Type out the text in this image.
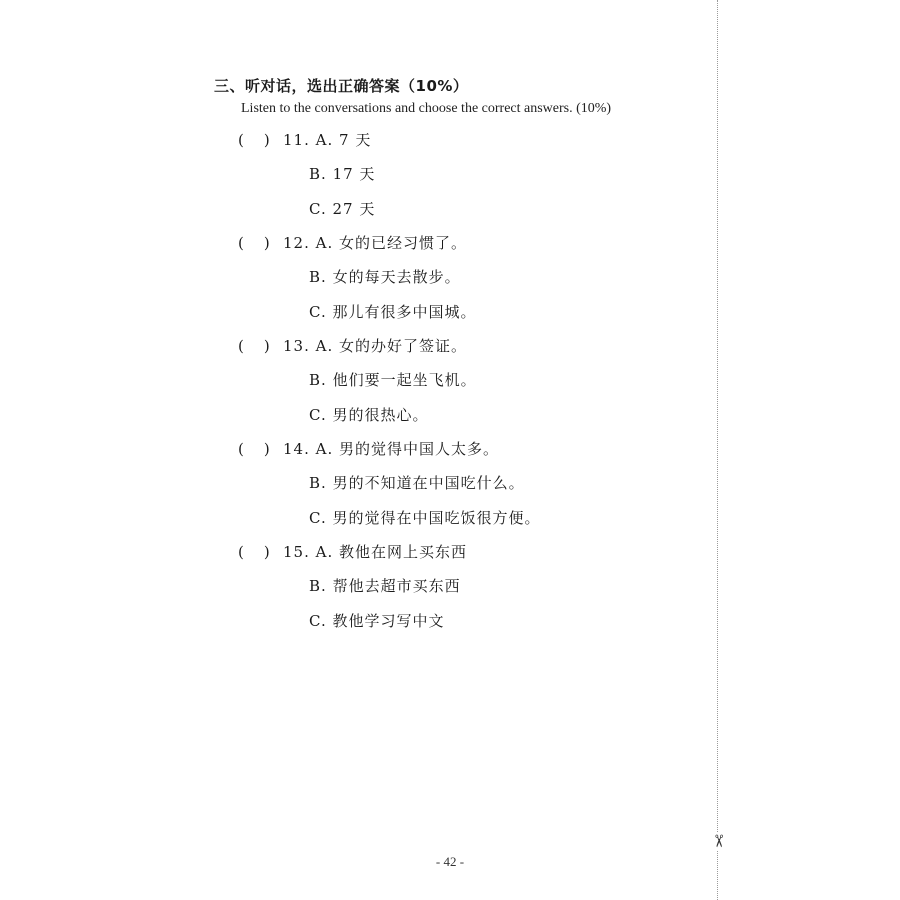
✂
三、听对话，选出正确答案（10%）
Listen to the conversations and choose the correct answers. (10%)
( ) 11. A. 7 天
B. 17 天
C. 27 天
( ) 12. A. 女的已经习惯了。
B. 女的每天去散步。
C. 那儿有很多中国城。
( ) 13. A. 女的办好了签证。
B. 他们要一起坐飞机。
C. 男的很热心。
( ) 14. A. 男的觉得中国人太多。
B. 男的不知道在中国吃什么。
C. 男的觉得在中国吃饭很方便。
( ) 15. A. 教他在网上买东西
B. 帮他去超市买东西
C. 教他学习写中文
- 42 -
